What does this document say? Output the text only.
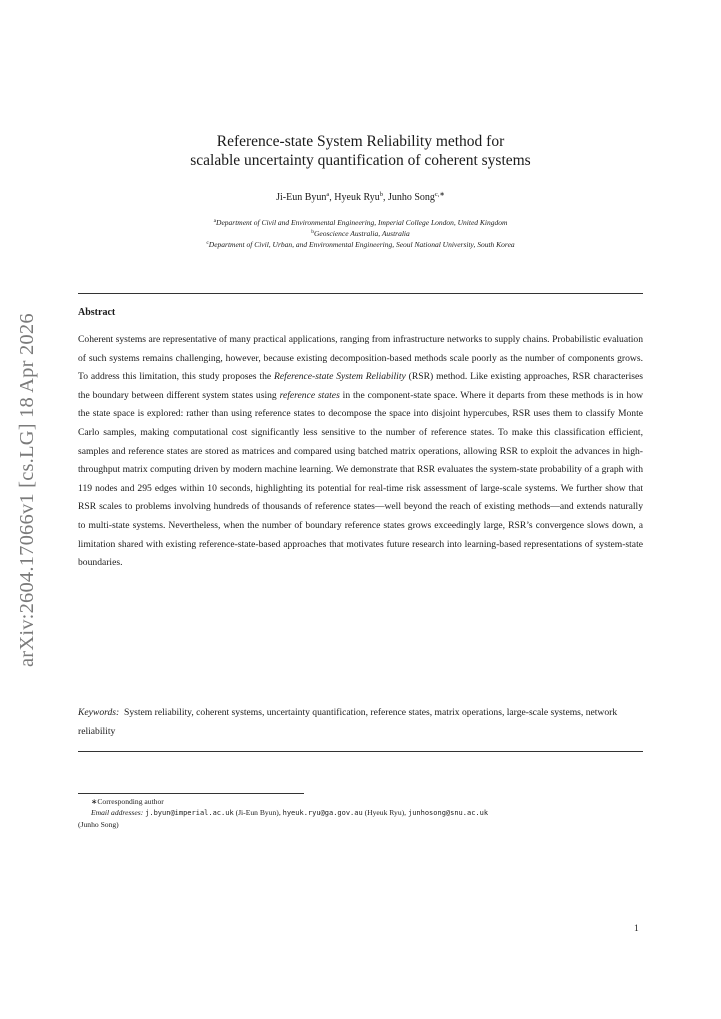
arXiv:2604.17066v1 [cs.LG] 18 Apr 2026
Reference-state System Reliability method for
scalable uncertainty quantification of coherent systems
Ji-Eun Byun$^a$, Hyeuk Ryu$^b$, Junho Song$^{c,∗}$
$^a$Department of Civil and Environmental Engineering, Imperial College London, United Kingdom
$^b$Geoscience Australia, Australia
$^c$Department of Civil, Urban, and Environmental Engineering, Seoul National University, South Korea
Abstract
Coherent systems are representative of many practical applications, ranging from infrastructure networks to supply chains. Probabilistic evaluation of such systems remains challenging, however, because existing decomposition-based methods scale poorly as the number of components grows. To address this limitation, this study proposes the Reference-state System Reliability (RSR) method. Like existing approaches, RSR characterises the boundary between different system states using reference states in the component-state space. Where it departs from these methods is in how the state space is explored: rather than using reference states to decompose the space into disjoint hypercubes, RSR uses them to classify Monte Carlo samples, making computational cost significantly less sensitive to the number of reference states. To make this classification efficient, samples and reference states are stored as matrices and compared using batched matrix operations, allowing RSR to exploit the advances in high-throughput matrix computing driven by modern machine learning. We demonstrate that RSR evaluates the system-state probability of a graph with 119 nodes and 295 edges within 10 seconds, highlighting its potential for real-time risk assessment of large-scale systems. We further show that RSR scales to problems involving hundreds of thousands of reference states—well beyond the reach of existing methods—and extends naturally to multi-state systems. Nevertheless, when the number of boundary reference states grows exceedingly large, RSR’s convergence slows down, a limitation shared with existing reference-state-based approaches that motivates future research into learning-based representations of system-state boundaries.
Keywords: System reliability, coherent systems, uncertainty quantification, reference states, matrix operations, large-scale systems, network reliability
∗Corresponding author
Email addresses: j.byun@imperial.ac.uk (Ji-Eun Byun), hyeuk.ryu@ga.gov.au (Hyeuk Ryu), junhosong@snu.ac.uk
(Junho Song)
1
